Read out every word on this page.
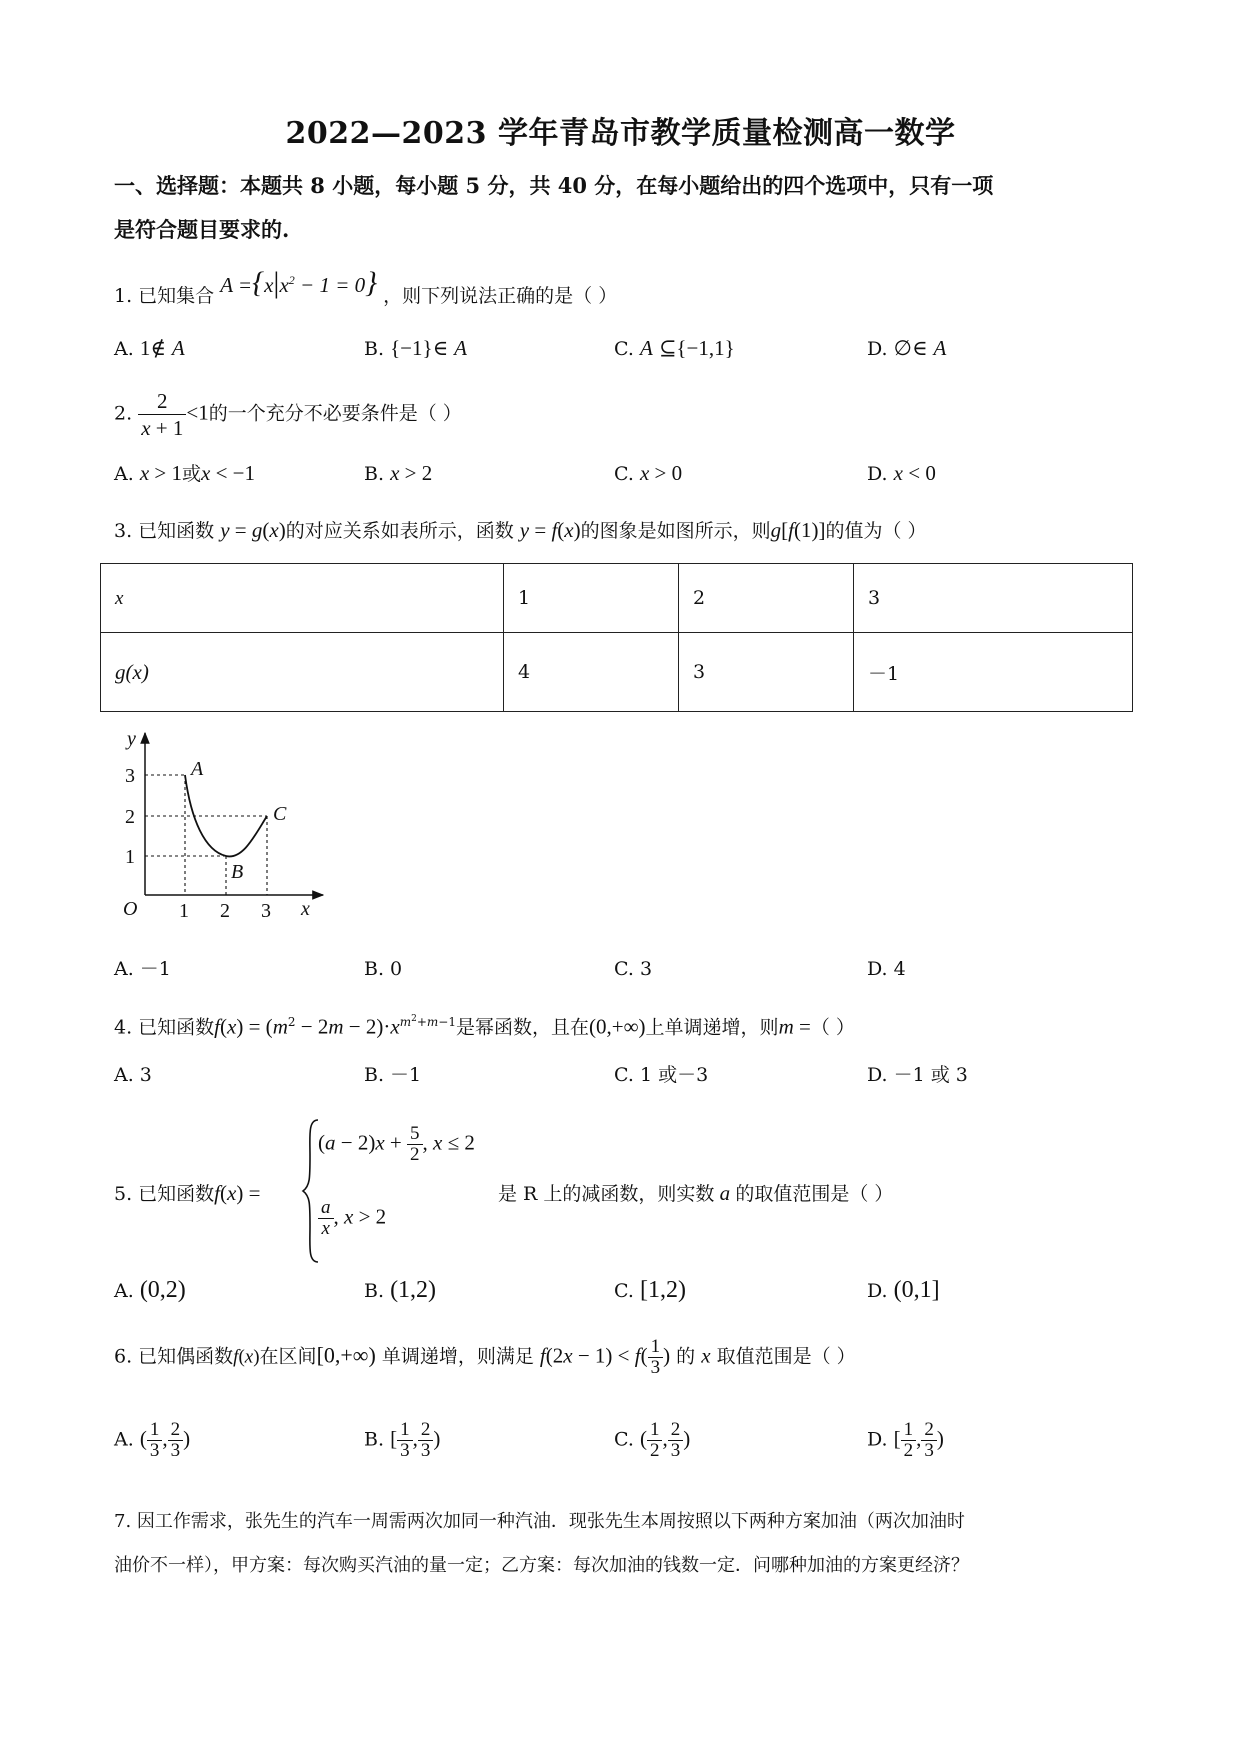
2022—2023 学年青岛市教学质量检测高一数学
一、选择题：本题共 8 小题，每小题 5 分，共 40 分，在每小题给出的四个选项中，只有一项
是符合题目要求的.
1. 已知集合 $A =\{x|x^2 - 1 = 0\}$ ，则下列说法正确的是（ ）
A. 1∉ A	B. {−1}∈ A	C. A ⊆{−1,1}	D. ∅∈ A
2. $\frac{2}{x + 1} <1$的一个充分不必要条件是（ ）
A. x > 1或x < −1	B. x > 2	C. x > 0	D. x < 0
3. 已知函数 y = g(x)的对应关系如表所示，函数 y = f(x)的图象是如图所示，则g[f(1)]的值为（ ）
x	1	2	3
g(x)	4	3	－1
y
x
O 1 2 3
1
2
3	A
B
C
A. －1	B. 0	C. 3	D. 4
4. 已知函数$f(x) = (m^2 - 2m - 2)\cdot x^{m^2+m-1}$是幂函数，且在(0,+∞)上单调递增，则m =（ ）
A. 3	B. －1	C. 1 或－3	D. －1 或 3
5. 已知函数f(x) =
$(a - 2)x + \frac{5}{2}$ , x ≤ 2
$\frac{a}{x}$ , x > 2
是 R 上的减函数，则实数 a 的取值范围是（ ）
A. (0,2)	B. (1,2)	C. [1,2)	D. (0,1]
6. 已知偶函数f(x)在区间[0,+∞) 单调递增，则满足 $f(2x - 1) < f( \frac{1}{3}$ ) 的 x 取值范围是（ ）
A. ( $\frac{1}{3}$ , $\frac{2}{3}$ )	B. [ $\frac{1}{3}$ , $\frac{2}{3}$ )	C. ( $\frac{1}{2}$ , $\frac{2}{3}$ )	D. [ $\frac{1}{2}$ , $\frac{2}{3}$ )
7. 因工作需求，张先生的汽车一周需两次加同一种汽油．现张先生本周按照以下两种方案加油（两次加油时
油价不一样），甲方案：每次购买汽油的量一定；乙方案：每次加油的钱数一定．问哪种加油的方案更经济？
